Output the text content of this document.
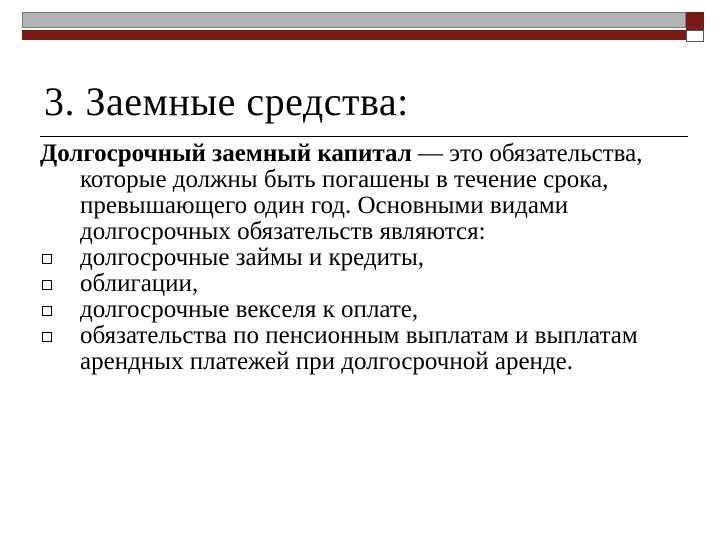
3. Заемные средства:

Долгосрочный заемный капитал — это обязательства, которые должны быть погашены в течение срока, превышающего один год. Основными видами долгосрочных обязательств являются:

долгосрочные займы и кредиты,
облигации,
долгосрочные векселя к оплате,
обязательства по пенсионным выплатам и выплатам арендных платежей при долгосрочной аренде.
